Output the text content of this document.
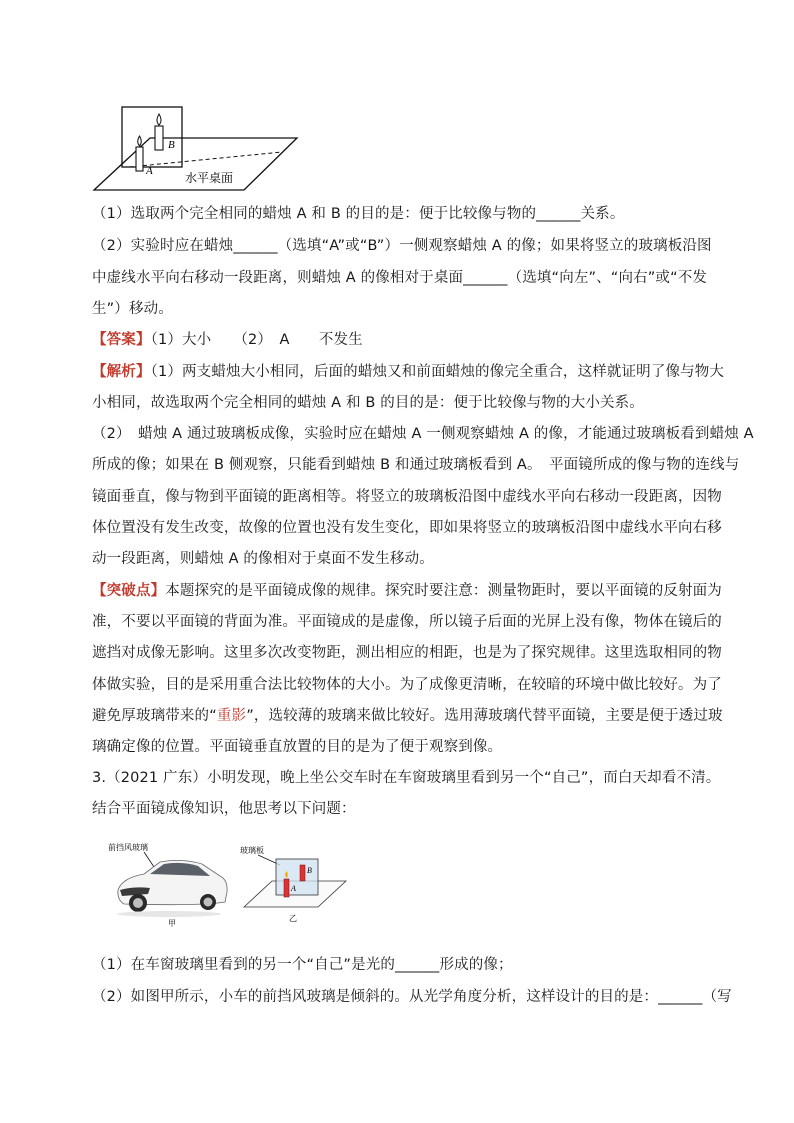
B
A	水平桌面
（1）选取两个完全相同的蜡烛 A 和 B 的目的是：便于比较像与物的______关系。
（2）实验时应在蜡烛______（选填“A”或“B”）一侧观察蜡烛 A 的像；如果将竖立的玻璃板沿图
中虚线水平向右移动一段距离，则蜡烛 A 的像相对于桌面______（选填“向左”、“向右”或“不发
生”）移动。
【答案】（1）大小　　（2）　A　　不发生
【解析】（1）两支蜡烛大小相同，后面的蜡烛又和前面蜡烛的像完全重合，这样就证明了像与物大
小相同，故选取两个完全相同的蜡烛 A 和 B 的目的是：便于比较像与物的大小关系。
（2）　蜡烛 A 通过玻璃板成像，实验时应在蜡烛 A 一侧观察蜡烛 A 的像，才能通过玻璃板看到蜡烛 A
所成的像；如果在 B 侧观察，只能看到蜡烛 B 和通过玻璃板看到 A。　平面镜所成的像与物的连线与
镜面垂直，像与物到平面镜的距离相等。将竖立的玻璃板沿图中虚线水平向右移动一段距离，因物
体位置没有发生改变，故像的位置也没有发生变化，即如果将竖立的玻璃板沿图中虚线水平向右移
动一段距离，则蜡烛 A 的像相对于桌面不发生移动。
【突破点】本题探究的是平面镜成像的规律。探究时要注意：测量物距时，要以平面镜的反射面为
准，不要以平面镜的背面为准。平面镜成的是虚像，所以镜子后面的光屏上没有像，物体在镜后的
遮挡对成像无影响。这里多次改变物距，测出相应的相距，也是为了探究规律。这里选取相同的物
体做实验，目的是采用重合法比较物体的大小。为了成像更清晰，在较暗的环境中做比较好。为了
避免厚玻璃带来的“重影”，选较薄的玻璃来做比较好。选用薄玻璃代替平面镜，主要是便于透过玻
璃确定像的位置。平面镜垂直放置的目的是为了便于观察到像。
3.（2021 广东）小明发现，晚上坐公交车时在车窗玻璃里看到另一个“自己”，而白天却看不清。
结合平面镜成像知识，他思考以下问题：
前挡风玻璃
甲
玻璃板
A
B
乙
（1）在车窗玻璃里看到的另一个“自己”是光的______形成的像；
（2）如图甲所示，小车的前挡风玻璃是倾斜的。从光学角度分析，这样设计的目的是：______（写
